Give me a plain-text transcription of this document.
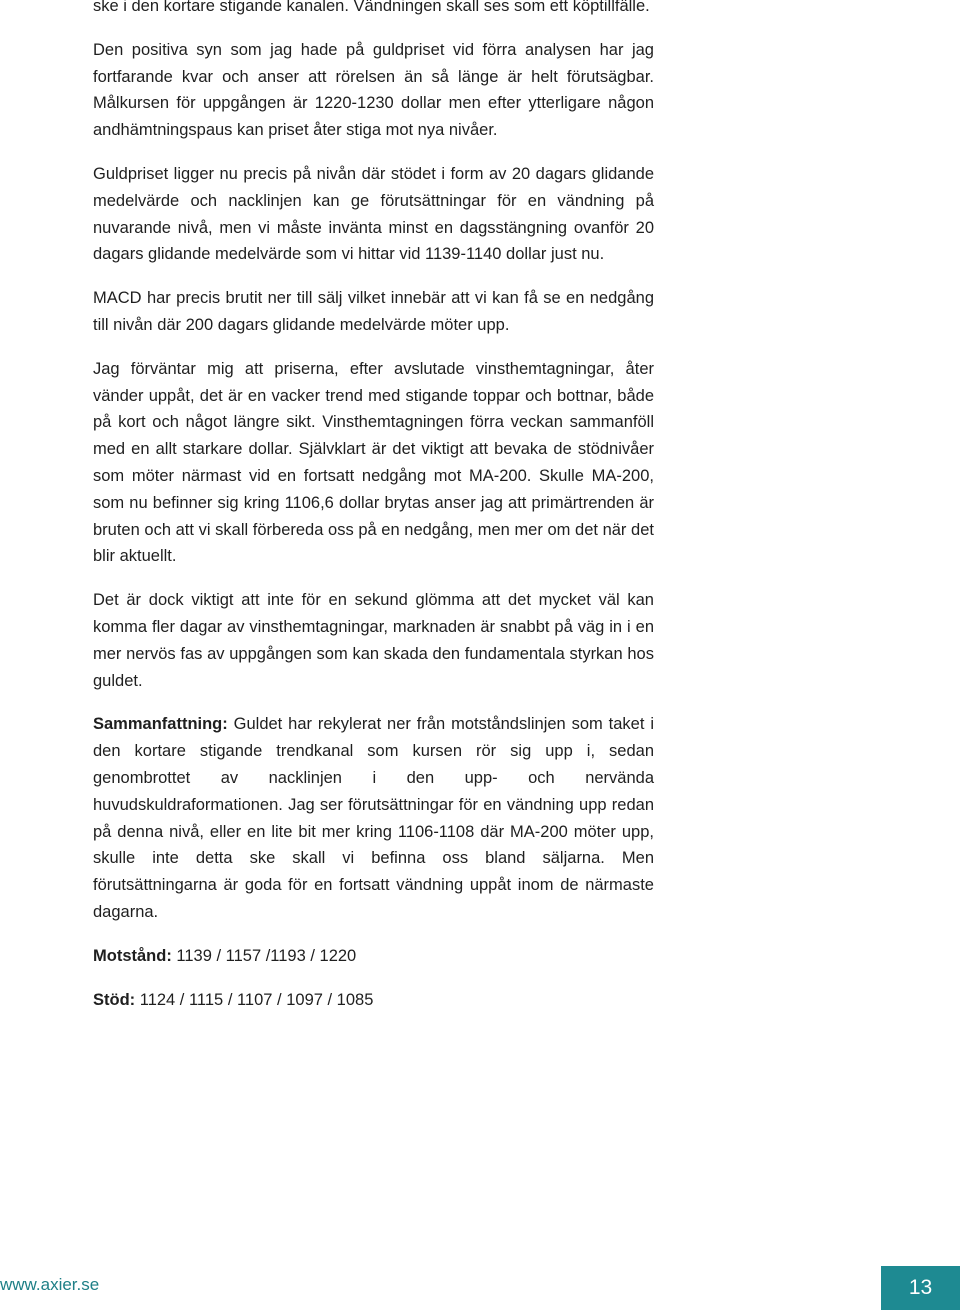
ske i den kortare stigande kanalen. Vändningen skall ses som ett köptillfälle.

Den positiva syn som jag hade på guldpriset vid förra analysen har jag fortfarande kvar och anser att rörelsen än så länge är helt förutsägbar. Målkursen för uppgången är 1220-1230 dollar men efter ytterligare någon andhämtningspaus kan priset åter stiga mot nya nivåer.

Guldpriset ligger nu precis på nivån där stödet i form av 20 dagars glidande medelvärde och nacklinjen kan ge förutsättningar för en vändning på nuvarande nivå, men vi måste invänta minst en dagsstängning ovanför 20 dagars glidande medelvärde som vi hittar vid 1139-1140 dollar just nu.

MACD har precis brutit ner till sälj vilket innebär att vi kan få se en nedgång till nivån där 200 dagars glidande medelvärde möter upp.

Jag förväntar mig att priserna, efter avslutade vinsthemtagningar, åter vänder uppåt, det är en vacker trend med stigande toppar och bottnar, både på kort och något längre sikt. Vinsthemtagningen förra veckan sammanföll med en allt starkare dollar. Självklart är det viktigt att bevaka de stödnivåer som möter närmast vid en fortsatt nedgång mot MA-200. Skulle MA-200, som nu befinner sig kring 1106,6 dollar brytas anser jag att primärtrenden är bruten och att vi skall förbereda oss på en nedgång, men mer om det när det blir aktuellt.

Det är dock viktigt att inte för en sekund glömma att det mycket väl kan komma fler dagar av vinsthemtagningar, marknaden är snabbt på väg in i en mer nervös fas av uppgången som kan skada den fundamentala styrkan hos guldet.

Sammanfattning: Guldet har rekylerat ner från motståndslinjen som taket i den kortare stigande trendkanal som kursen rör sig upp i, sedan genombrottet av nacklinjen i den upp- och nervända huvudskuldraformationen. Jag ser förutsättningar för en vändning upp redan på denna nivå, eller en lite bit mer kring 1106-1108 där MA-200 möter upp, skulle inte detta ske skall vi befinna oss bland säljarna. Men förutsättningarna är goda för en fortsatt vändning uppåt inom de närmaste dagarna.

Motstånd: 1139 / 1157 /1193 / 1220

Stöd: 1124 / 1115 / 1107 / 1097 / 1085

www.axier.se	13
